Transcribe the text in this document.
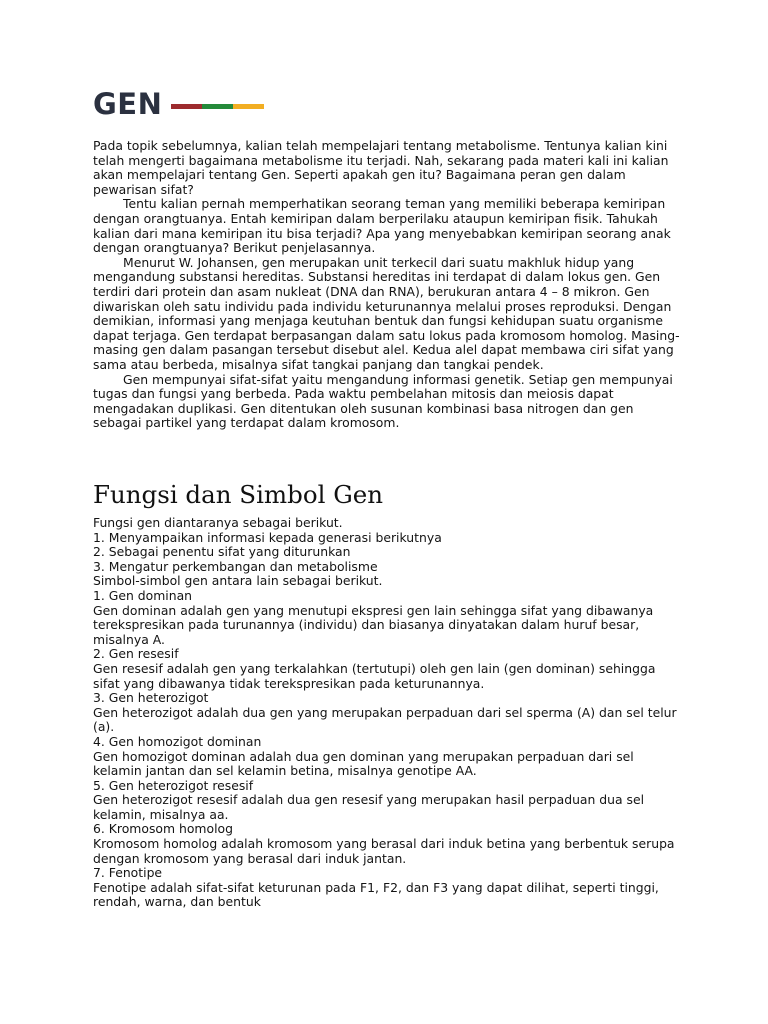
GEN

Pada topik sebelumnya, kalian telah mempelajari tentang metabolisme. Tentunya kalian kini telah mengerti bagaimana metabolisme itu terjadi. Nah, sekarang pada materi kali ini kalian akan mempelajari tentang Gen. Seperti apakah gen itu? Bagaimana peran gen dalam pewarisan sifat?

Tentu kalian pernah memperhatikan seorang teman yang memiliki beberapa kemiripan dengan orangtuanya. Entah kemiripan dalam berperilaku ataupun kemiripan fisik. Tahukah kalian dari mana kemiripan itu bisa terjadi? Apa yang menyebabkan kemiripan seorang anak dengan orangtuanya? Berikut penjelasannya.

Menurut W. Johansen, gen merupakan unit terkecil dari suatu makhluk hidup yang mengandung substansi hereditas. Substansi hereditas ini terdapat di dalam lokus gen. Gen terdiri dari protein dan asam nukleat (DNA dan RNA), berukuran antara 4 – 8 mikron. Gen diwariskan oleh satu individu pada individu keturunannya melalui proses reproduksi. Dengan demikian, informasi yang menjaga keutuhan bentuk dan fungsi kehidupan suatu organisme dapat terjaga. Gen terdapat berpasangan dalam satu lokus pada kromosom homolog. Masing-masing gen dalam pasangan tersebut disebut alel. Kedua alel dapat membawa ciri sifat yang sama atau berbeda, misalnya sifat tangkai panjang dan tangkai pendek.

Gen mempunyai sifat-sifat yaitu mengandung informasi genetik. Setiap gen mempunyai tugas dan fungsi yang berbeda. Pada waktu pembelahan mitosis dan meiosis dapat mengadakan duplikasi. Gen ditentukan oleh susunan kombinasi basa nitrogen dan gen sebagai partikel yang terdapat dalam kromosom.

Fungsi dan Simbol Gen

Fungsi gen diantaranya sebagai berikut.

1. Menyampaikan informasi kepada generasi berikutnya

2. Sebagai penentu sifat yang diturunkan

3. Mengatur perkembangan dan metabolisme

Simbol-simbol gen antara lain sebagai berikut.

1. Gen dominan

Gen dominan adalah gen yang menutupi ekspresi gen lain sehingga sifat yang dibawanya terekspresikan pada turunannya (individu) dan biasanya dinyatakan dalam huruf besar, misalnya A.

2. Gen resesif

Gen resesif adalah gen yang terkalahkan (tertutupi) oleh gen lain (gen dominan) sehingga sifat yang dibawanya tidak terekspresikan pada keturunannya.

3. Gen heterozigot

Gen heterozigot adalah dua gen yang merupakan perpaduan dari sel sperma (A) dan sel telur (a).

4. Gen homozigot dominan

Gen homozigot dominan adalah dua gen dominan yang merupakan perpaduan dari sel kelamin jantan dan sel kelamin betina, misalnya genotipe AA.

5. Gen heterozigot resesif

Gen heterozigot resesif adalah dua gen resesif yang merupakan hasil perpaduan dua sel kelamin, misalnya aa.

6. Kromosom homolog

Kromosom homolog adalah kromosom yang berasal dari induk betina yang berbentuk serupa dengan kromosom yang berasal dari induk jantan.

7. Fenotipe

Fenotipe adalah sifat-sifat keturunan pada F1, F2, dan F3 yang dapat dilihat, seperti tinggi, rendah, warna, dan bentuk
